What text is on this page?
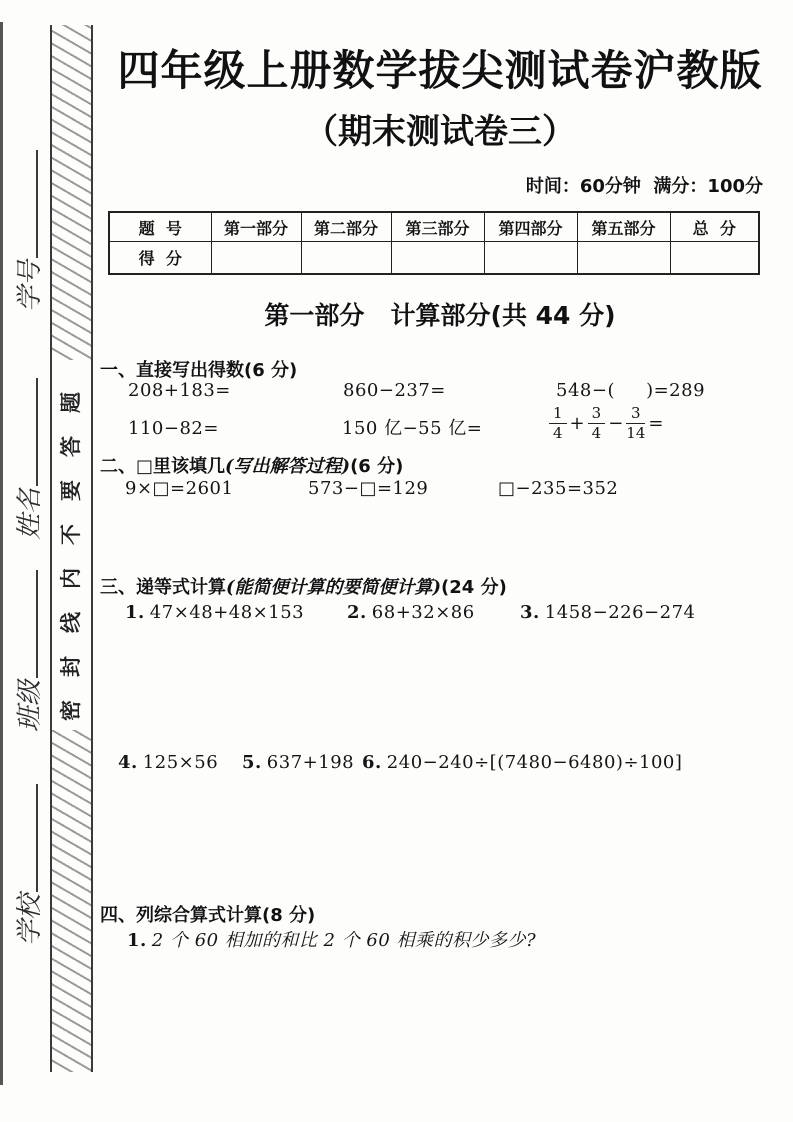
学号
姓名
班级
学校
密封线内不要答题
四年级上册数学拔尖测试卷沪教版
（期末测试卷三）
时间：60分钟  满分：100分
题  号	第一部分	第二部分	第三部分	第四部分	第五部分	总  分
得  分						
第一部分   计算部分(共 44 分)
一、直接写出得数(6 分)
208+183=	860−237=	548−(     )=289
110−82=	150 亿−55 亿=	$\frac{1}{4} + \frac{3}{4} - \frac{3}{14}$ =
二、□里该填几(写出解答过程)(6 分)
9×□=2601	573−□=129	□−235=352
三、递等式计算(能简便计算的要简便计算)(24 分)
1. 47×48+48×153 2. 68+32×86	3. 1458−226−274
4. 125×56 5. 637+198 6. 240−240÷[(7480−6480)÷100]
四、列综合算式计算(8 分)
1. 2 个 60 相加的和比 2 个 60 相乘的积少多少?
